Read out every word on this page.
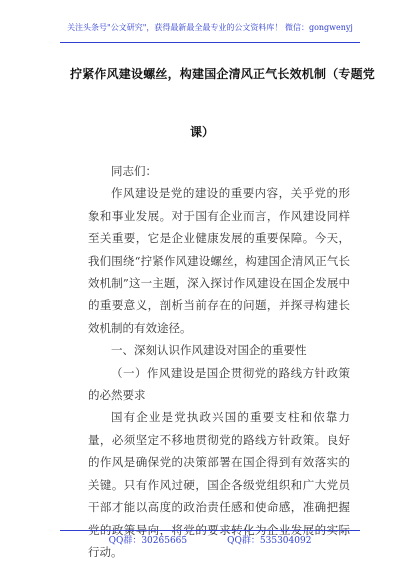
关注头条号"公文研究"，获得最新最全最专业的公文资料库！ 微信：gongwenyj
拧紧作风建设螺丝，构建国企清风正气长效机制（专题党
课）

同志们：

作风建设是党的建设的重要内容，关乎党的形象和事业发展。对于国有企业而言，作风建设同样至关重要，它是企业健康发展的重要保障。今天，我们围绕“拧紧作风建设螺丝，构建国企清风正气长效机制”这一主题，深入探讨作风建设在国企发展中的重要意义，剖析当前存在的问题，并探寻构建长效机制的有效途径。

一、深刻认识作风建设对国企的重要性

（一）作风建设是国企贯彻党的路线方针政策的必然要求

国有企业是党执政兴国的重要支柱和依靠力量，必须坚定不移地贯彻党的路线方针政策。良好的作风是确保党的决策部署在国企得到有效落实的关键。只有作风过硬，国企各级党组织和广大党员干部才能以高度的政治责任感和使命感，准确把握党的政策导向，将党的要求转化为企业发展的实际行动。

QQ群：30265665	QQ群：535304092
